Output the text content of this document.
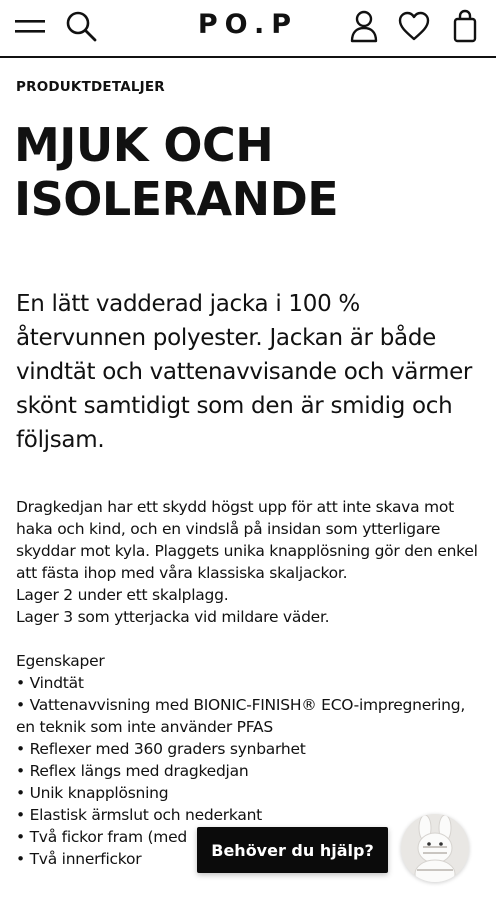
PO.P
PRODUKTDETALJER
MJUK OCH ISOLERANDE

En lätt vadderad jacka i 100 % återvunnen polyester. Jackan är både vindtät och vattenavvisande och värmer skönt samtidigt som den är smidig och följsam.

Dragkedjan har ett skydd högst upp för att inte skava mot haka och kind, och en vindslå på insidan som ytterligare skyddar mot kyla. Plaggets unika knapplösning gör den enkel att fästa ihop med våra klassiska skaljackor.

Lager 2 under ett skalplagg.

Lager 3 som ytterjacka vid mildare väder.

Egenskaper
• Vindtät
• Vattenavvisning med BIONIC-FINISH® ECO-impregnering, en teknik som inte använder PFAS
• Reflexer med 360 graders synbarhet
• Reflex längs med dragkedjan
• Unik knapplösning
• Elastisk ärmslut och nederkant
• Två fickor fram (med
• Två innerfickor	Behöver du hjälp?
